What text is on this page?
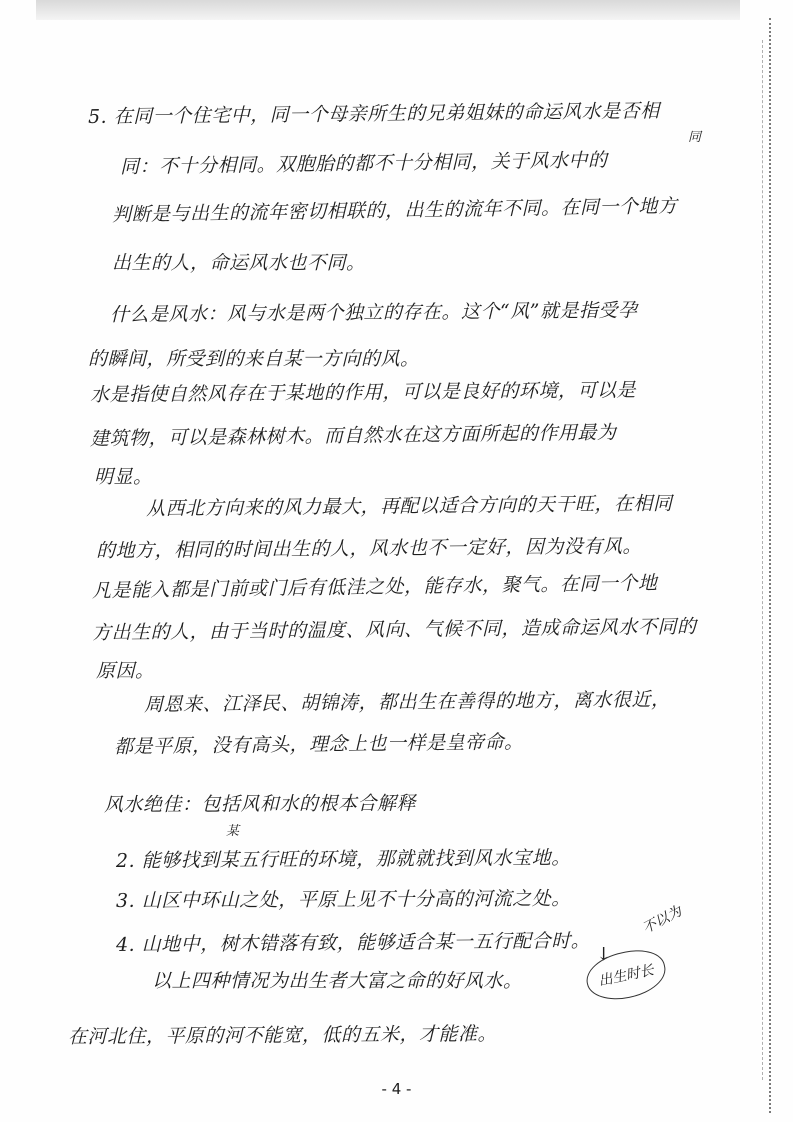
5. 在同一个住宅中，同一个母亲所生的兄弟姐妹的命运风水是否相
同
同：不十分相同。双胞胎的都不十分相同，关于风水中的
判断是与出生的流年密切相联的，出生的流年不同。在同一个地方
出生的人，命运风水也不同。
什么是风水：风与水是两个独立的存在。这个“风”就是指受孕
的瞬间，所受到的来自某一方向的风。
水是指使自然风存在于某地的作用，可以是良好的环境，可以是
建筑物，可以是森林树木。而自然水在这方面所起的作用最为
明显。
从西北方向来的风力最大，再配以适合方向的天干旺，在相同
的地方，相同的时间出生的人，风水也不一定好，因为没有风。
凡是能入都是门前或门后有低洼之处，能存水，聚气。在同一个地
方出生的人，由于当时的温度、风向、气候不同，造成命运风水不同的
原因。
周恩来、江泽民、胡锦涛，都出生在善得的地方，离水很近，
都是平原，没有高头，理念上也一样是皇帝命。
风水绝佳：包括风和水的根本合解释
某
2. 能够找到某五行旺的环境，那就就找到风水宝地。
3. 山区中环山之处，平原上见不十分高的河流之处。
4. 山地中，树木错落有致，能够适合某一五行配合时。
以上四种情况为出生者大富之命的好风水。
不以为
↓
出生时长
在河北住，平原的河不能宽，低的五米，才能准。
- 4 -
